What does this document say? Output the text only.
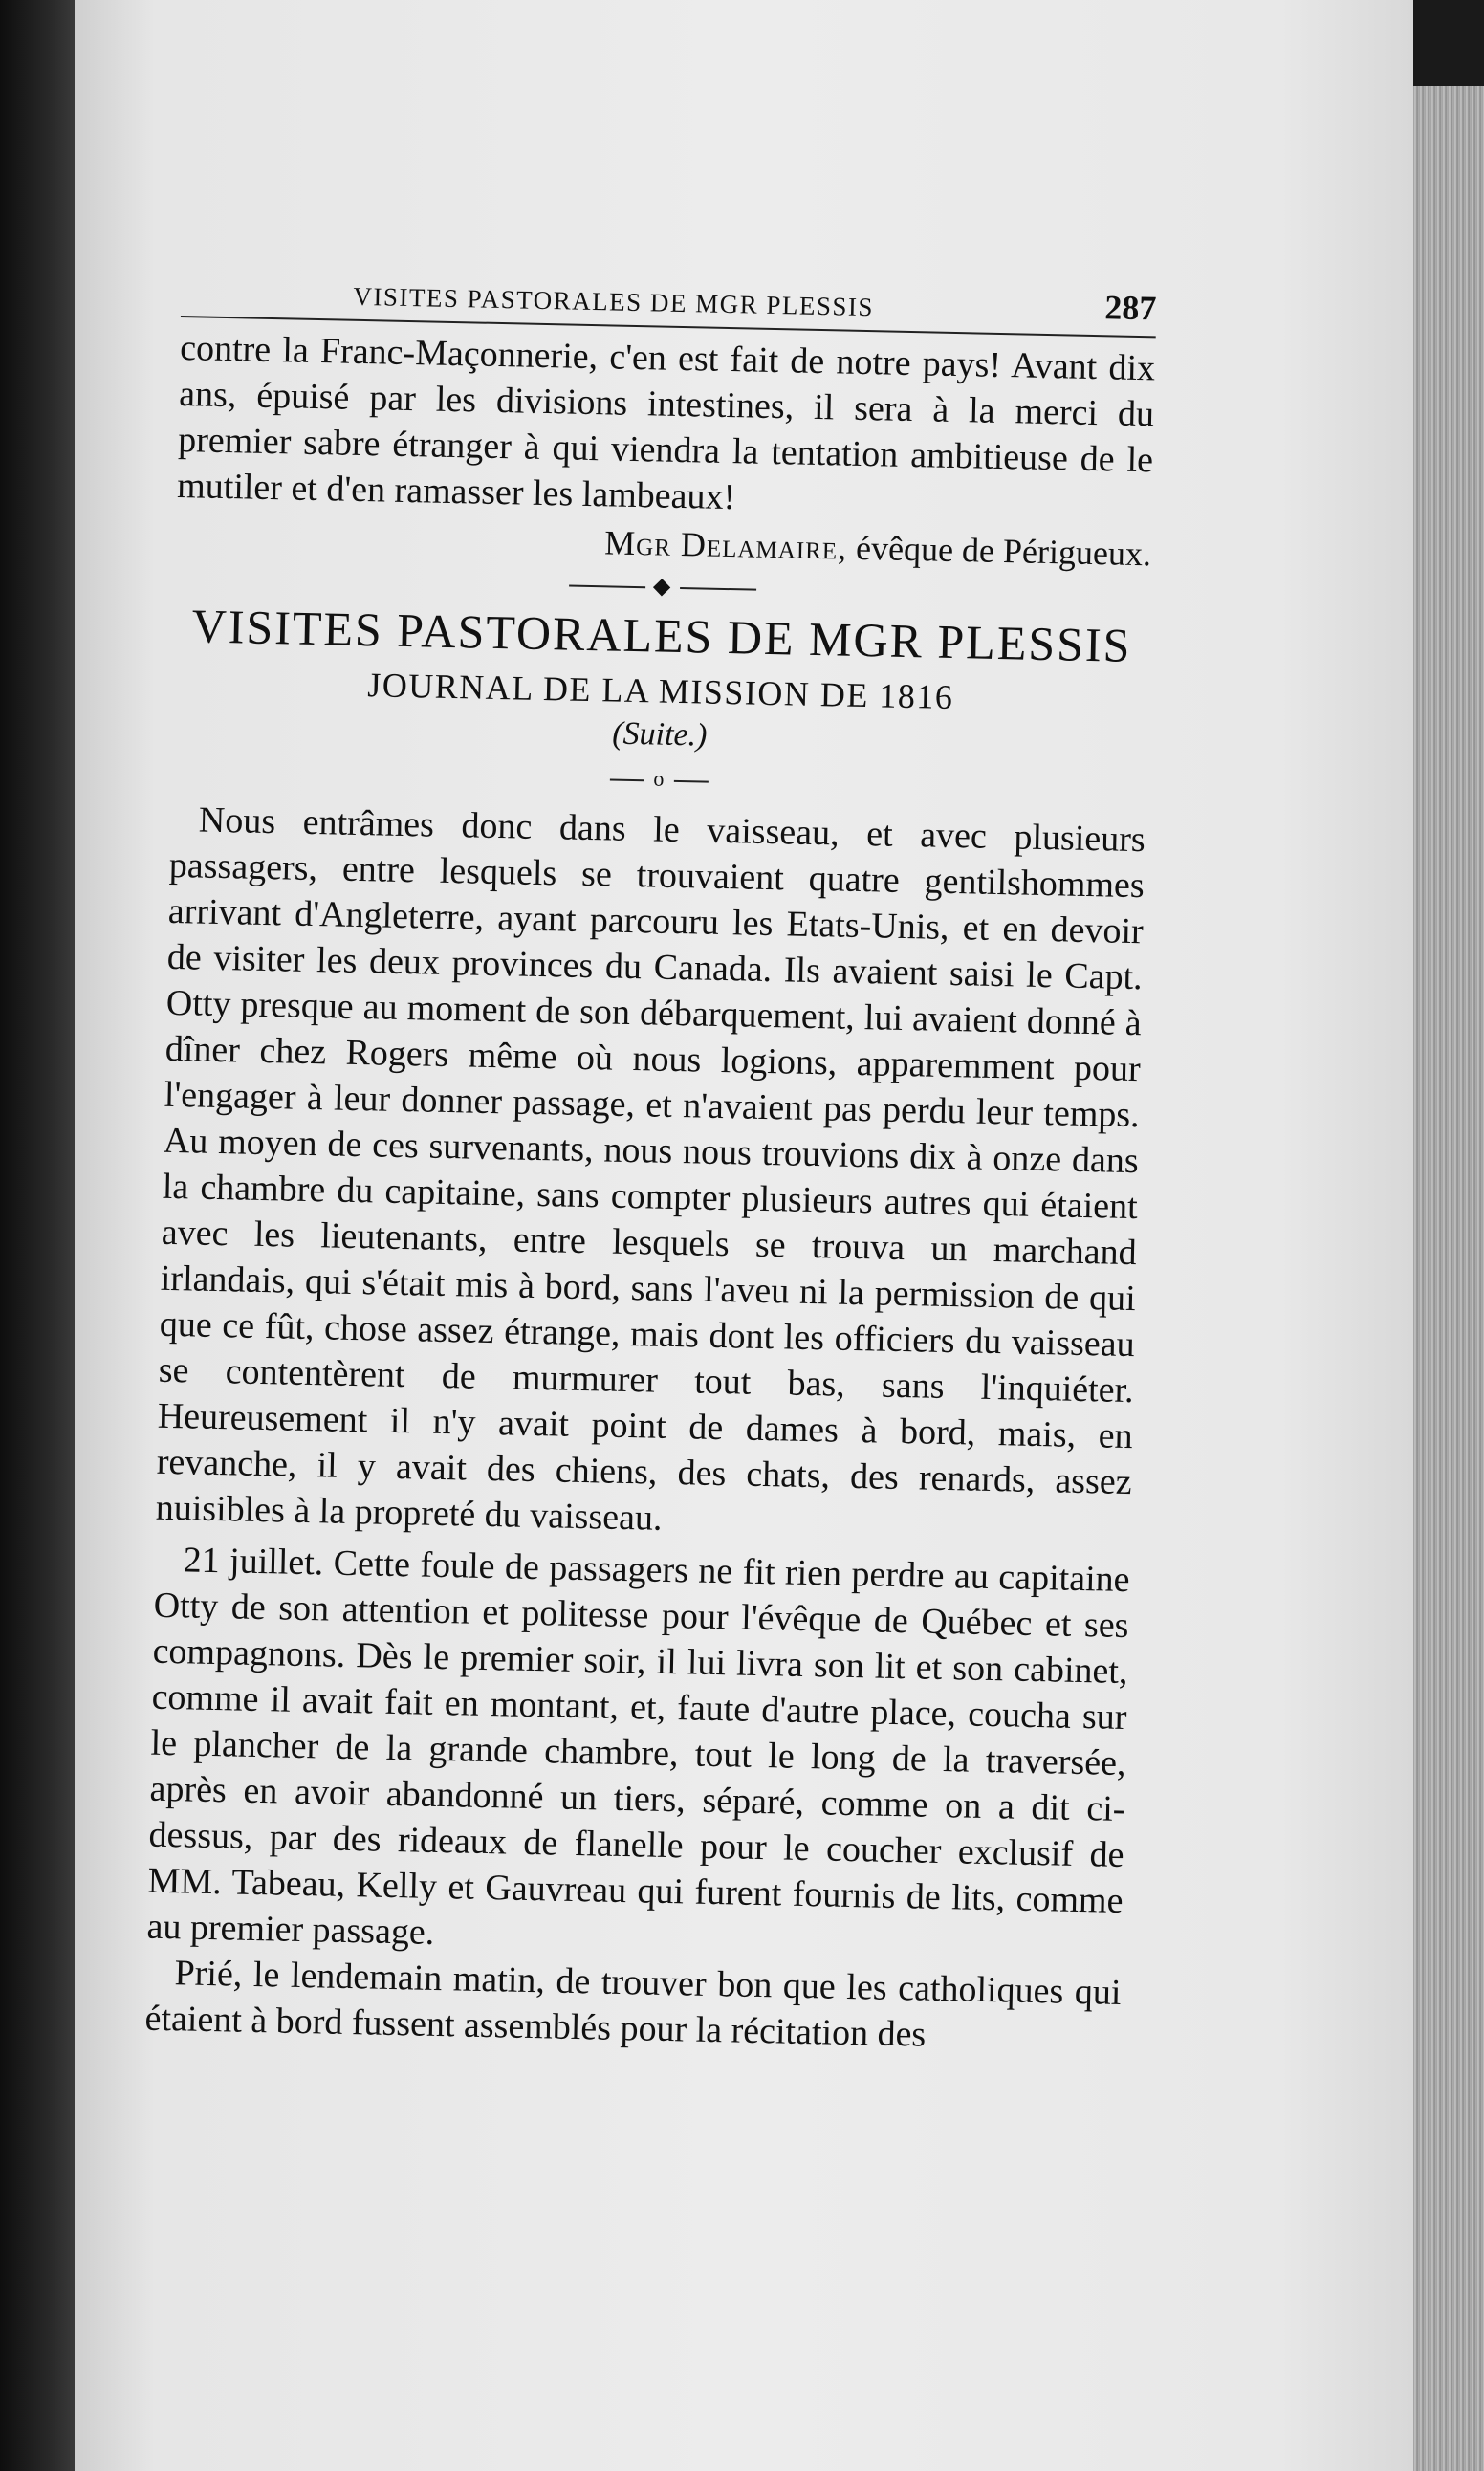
VISITES PASTORALES DE MGR PLESSIS	287

contre la Franc-Maçonnerie, c'en est fait de notre pays! Avant dix ans, épuisé par les divisions intestines, il sera à la merci du premier sabre étranger à qui viendra la tentation ambitieuse de le mutiler et d'en ramasser les lambeaux!

Mgr Delamaire, évêque de Périgueux.
◆
VISITES PASTORALES DE MGR PLESSIS
JOURNAL DE LA MISSION DE 1816
(Suite.)
o

Nous entrâmes donc dans le vaisseau, et avec plusieurs passagers, entre lesquels se trouvaient quatre gentilshommes arrivant d'Angleterre, ayant parcouru les Etats-Unis, et en devoir de visiter les deux provinces du Canada. Ils avaient saisi le Capt. Otty presque au moment de son débarquement, lui avaient donné à dîner chez Rogers même où nous logions, apparemment pour l'engager à leur donner passage, et n'avaient pas perdu leur temps. Au moyen de ces survenants, nous nous trouvions dix à onze dans la chambre du capitaine, sans compter plusieurs autres qui étaient avec les lieutenants, entre lesquels se trouva un marchand irlandais, qui s'était mis à bord, sans l'aveu ni la permission de qui que ce fût, chose assez étrange, mais dont les officiers du vaisseau se contentèrent de murmurer tout bas, sans l'inquiéter. Heureusement il n'y avait point de dames à bord, mais, en revanche, il y avait des chiens, des chats, des renards, assez nuisibles à la propreté du vaisseau.

21 juillet. Cette foule de passagers ne fit rien perdre au capitaine Otty de son attention et politesse pour l'évêque de Québec et ses compagnons. Dès le premier soir, il lui livra son lit et son cabinet, comme il avait fait en montant, et, faute d'autre place, coucha sur le plancher de la grande chambre, tout le long de la traversée, après en avoir abandonné un tiers, séparé, comme on a dit ci-dessus, par des rideaux de flanelle pour le coucher exclusif de MM. Tabeau, Kelly et Gauvreau qui furent fournis de lits, comme au premier passage.

Prié, le lendemain matin, de trouver bon que les catholiques qui étaient à bord fussent assemblés pour la récitation des
